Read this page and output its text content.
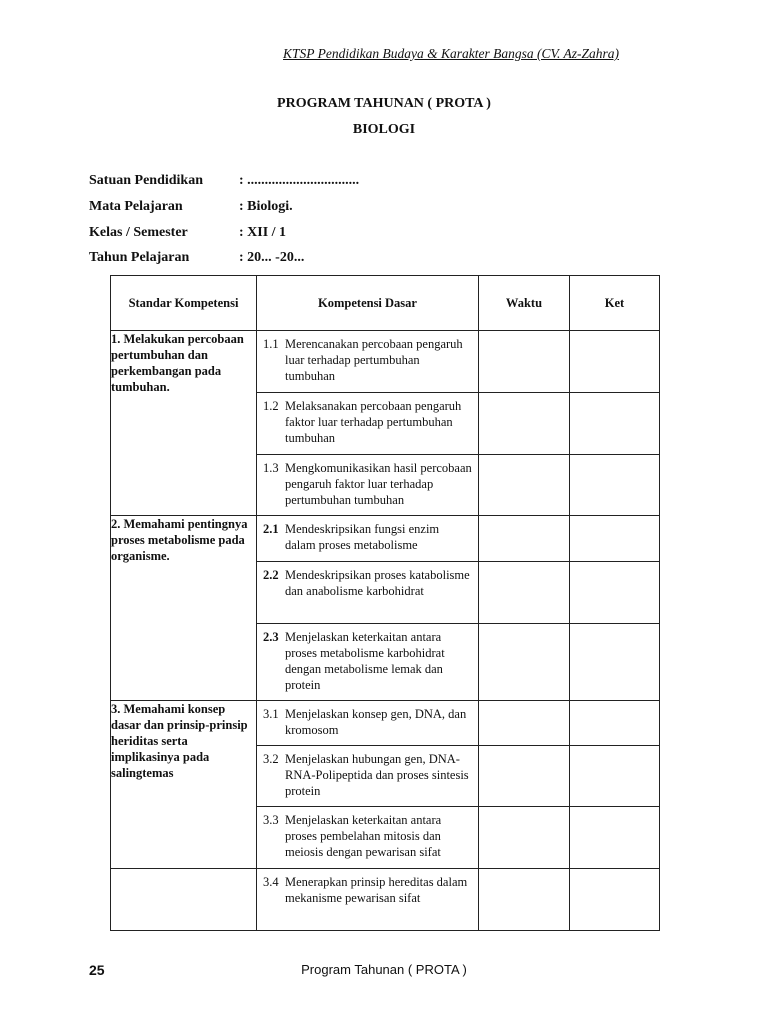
KTSP Pendidikan Budaya & Karakter Bangsa (CV. Az-Zahra)
PROGRAM TAHUNAN ( PROTA )
BIOLOGI
Satuan Pendidikan	: ................................
Mata Pelajaran	: Biologi.
Kelas / Semester	: XII / 1
Tahun Pelajaran	: 20... -20...
Standar Kompetensi	Kompetensi Dasar	Waktu	Ket
1. Melakukan percobaan pertumbuhan dan perkembangan pada tumbuhan.	1.1 Merencanakan percobaan pengaruh luar terhadap pertumbuhan tumbuhan		

	1.2 Melaksanakan percobaan pengaruh faktor luar terhadap pertumbuhan tumbuhan		

	1.3 Mengkomunikasikan hasil percobaan pengaruh faktor luar terhadap pertumbuhan tumbuhan		

2. Memahami pentingnya proses metabolisme pada organisme.	2.1 Mendeskripsikan fungsi enzim dalam proses metabolisme		

	2.2 Mendeskripsikan proses katabolisme dan anabolisme karbohidrat		

	2.3 Menjelaskan keterkaitan antara proses metabolisme karbohidrat dengan metabolisme lemak dan protein		

3. Memahami konsep dasar dan prinsip-prinsip heriditas serta implikasinya pada salingtemas	3.1 Menjelaskan konsep gen, DNA, dan kromosom		

	3.2 Menjelaskan hubungan gen, DNA-RNA-Polipeptida dan proses sintesis protein		

	3.3 Menjelaskan keterkaitan antara proses pembelahan mitosis dan meiosis dengan pewarisan sifat		

	3.4 Menerapkan prinsip hereditas dalam mekanisme pewarisan sifat		

25	Program Tahunan ( PROTA )
